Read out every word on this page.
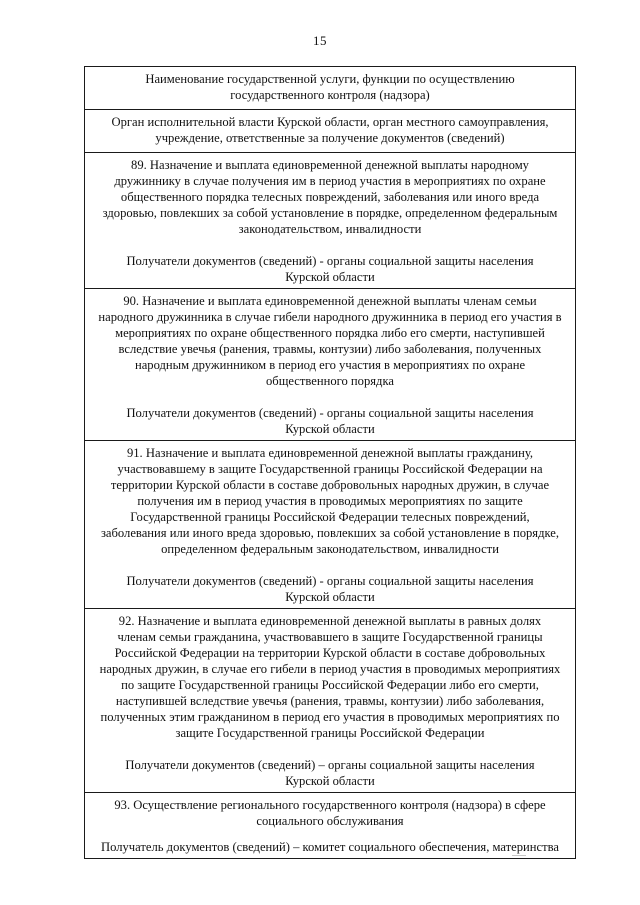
15

Наименование государственной услуги, функции по осуществлению

государственного контроля (надзора)

Орган исполнительной власти Курской области, орган местного самоуправления,

учреждение, ответственные за получение документов (сведений)

89. Назначение и выплата единовременной денежной выплаты народному

дружиннику в случае получения им в период участия в мероприятиях по охране

общественного порядка телесных повреждений, заболевания или иного вреда

здоровью, повлекших за собой установление в порядке, определенном федеральным

законодательством, инвалидности

Получатели документов (сведений) - органы социальной защиты населения

Курской области

90. Назначение и выплата единовременной денежной выплаты членам семьи

народного дружинника в случае гибели народного дружинника в период его участия в

мероприятиях по охране общественного порядка либо его смерти, наступившей

вследствие увечья (ранения, травмы, контузии) либо заболевания, полученных

народным дружинником в период его участия в мероприятиях по охране

общественного порядка

Получатели документов (сведений) - органы социальной защиты населения

Курской области

91. Назначение и выплата единовременной денежной выплаты гражданину,

участвовавшему в защите Государственной границы Российской Федерации на

территории Курской области в составе добровольных народных дружин, в случае

получения им в период участия в проводимых мероприятиях по защите

Государственной границы Российской Федерации телесных повреждений,

заболевания или иного вреда здоровью, повлекших за собой установление в порядке,

определенном федеральным законодательством, инвалидности

Получатели документов (сведений) - органы социальной защиты населения

Курской области

92. Назначение и выплата единовременной денежной выплаты в равных долях

членам семьи гражданина, участвовавшего в защите Государственной границы

Российской Федерации на территории Курской области в составе добровольных

народных дружин, в случае его гибели в период участия в проводимых мероприятиях

по защите Государственной границы Российской Федерации либо его смерти,

наступившей вследствие увечья (ранения, травмы, контузии) либо заболевания,

полученных этим гражданином в период его участия в проводимых мероприятиях по

защите Государственной границы Российской Федерации

Получатели документов (сведений) – органы социальной защиты населения

Курской области

93. Осуществление регионального государственного контроля (надзора) в сфере

социального обслуживания

Получатель документов (сведений) – комитет социального обеспечения, материнства
